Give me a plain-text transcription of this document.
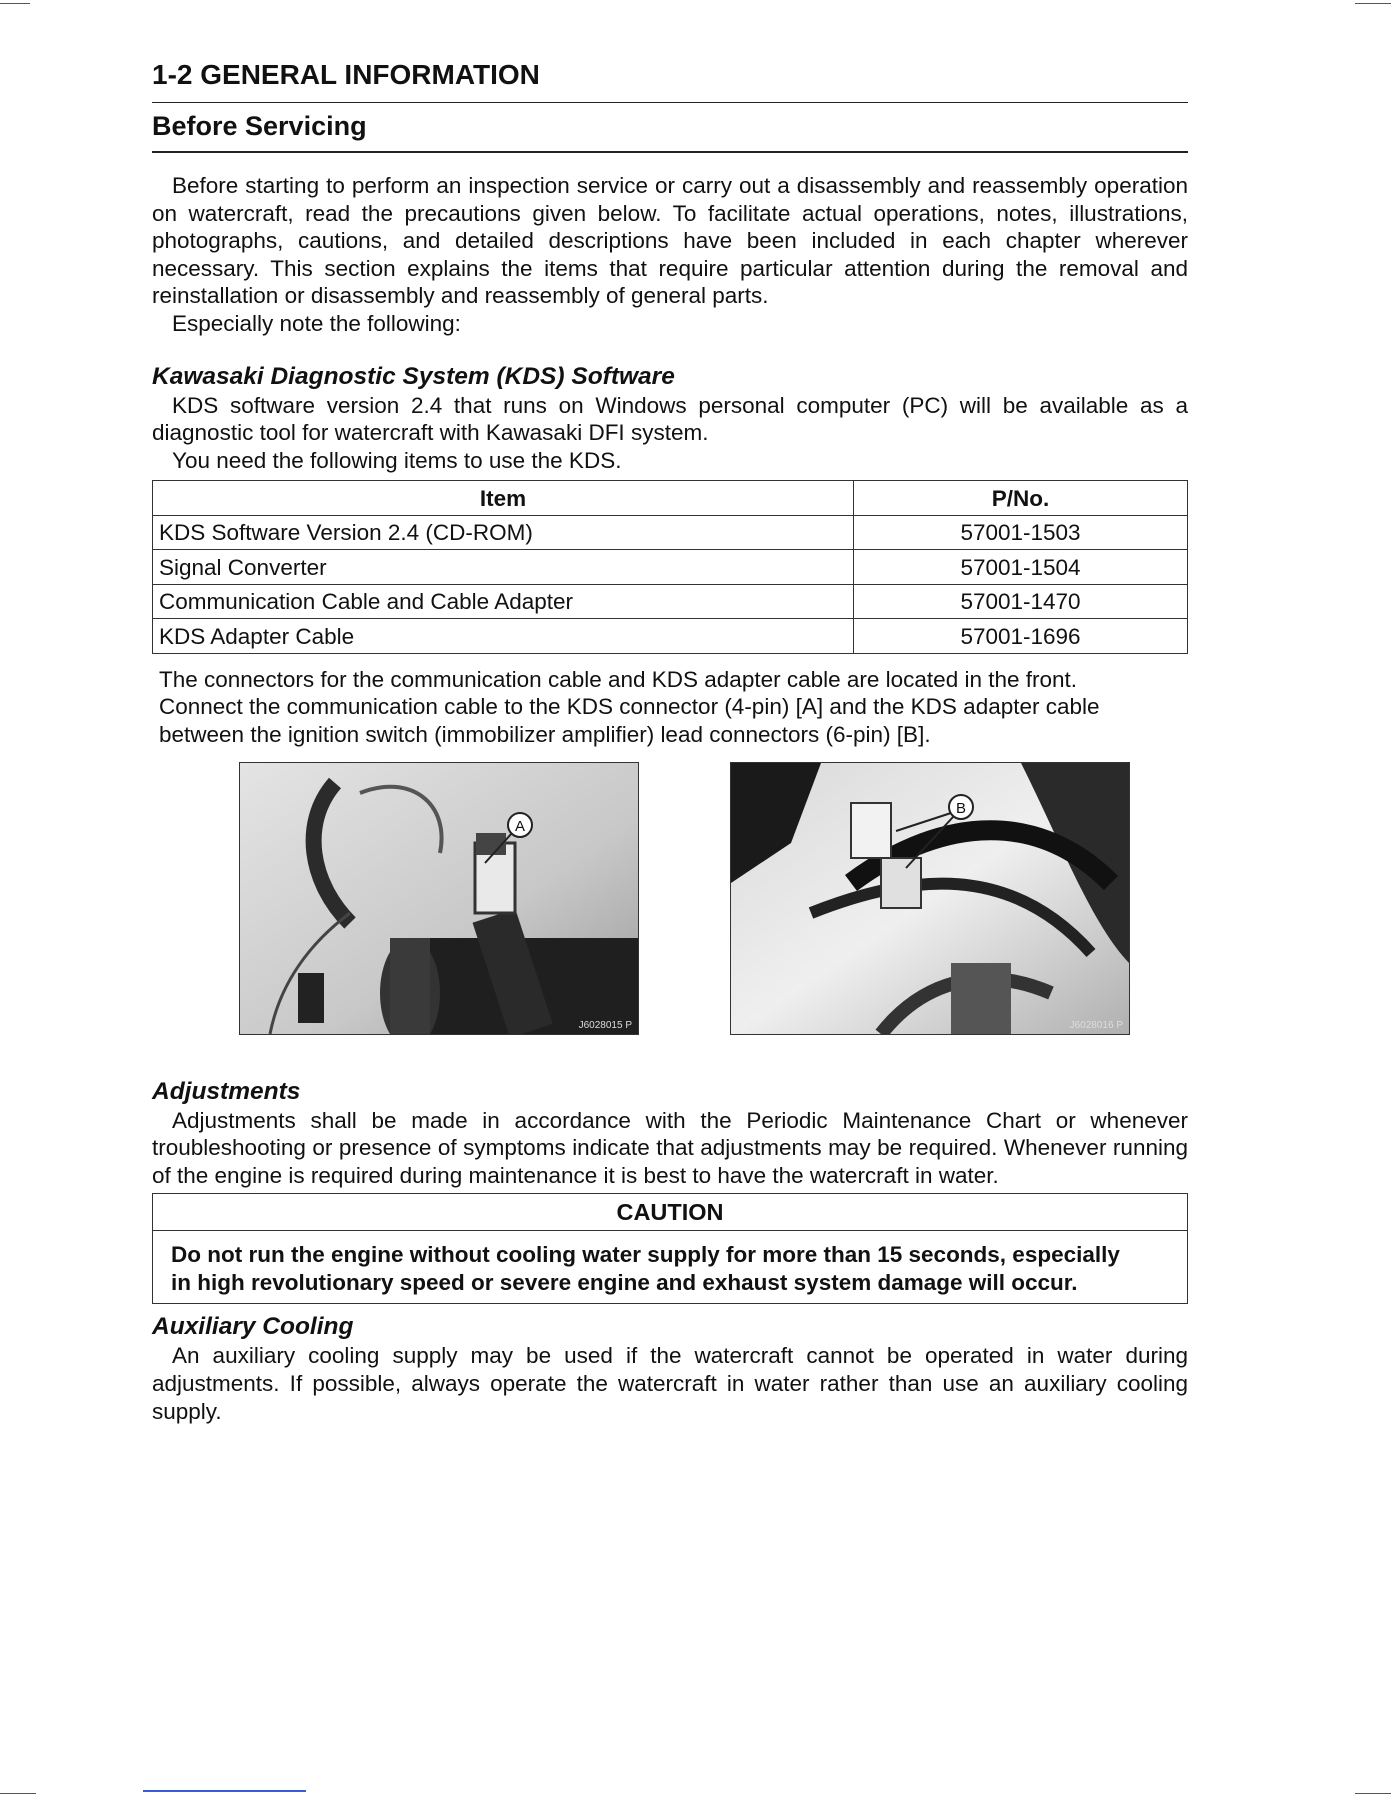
1-2 GENERAL INFORMATION
Before Servicing

Before starting to perform an inspection service or carry out a disassembly and reassembly operation on watercraft, read the precautions given below. To facilitate actual operations, notes, illustrations, photographs, cautions, and detailed descriptions have been included in each chapter wherever necessary. This section explains the items that require particular attention during the removal and reinstallation or disassembly and reassembly of general parts.

Especially note the following:

Kawasaki Diagnostic System (KDS) Software

KDS software version 2.4 that runs on Windows personal computer (PC) will be available as a diagnostic tool for watercraft with Kawasaki DFI system.

You need the following items to use the KDS.

Item	P/No.
KDS Software Version 2.4 (CD-ROM)	57001-1503
Signal Converter	57001-1504
Communication Cable and Cable Adapter	57001-1470
KDS Adapter Cable	57001-1696

The connectors for the communication cable and KDS adapter cable are located in the front.

Connect the communication cable to the KDS connector (4-pin) [A] and the KDS adapter cable

between the ignition switch (immobilizer amplifier) lead connectors (6-pin) [B].

A
J6028015 P
B
J6028016 P
Adjustments

Adjustments shall be made in accordance with the Periodic Maintenance Chart or whenever troubleshooting or presence of symptoms indicate that adjustments may be required. Whenever running of the engine is required during maintenance it is best to have the watercraft in water.

CAUTION
Do not run the engine without cooling water supply for more than 15 seconds, especially
in high revolutionary speed or severe engine and exhaust system damage will occur.
Auxiliary Cooling

An auxiliary cooling supply may be used if the watercraft cannot be operated in water during adjustments. If possible, always operate the watercraft in water rather than use an auxiliary cooling supply.
